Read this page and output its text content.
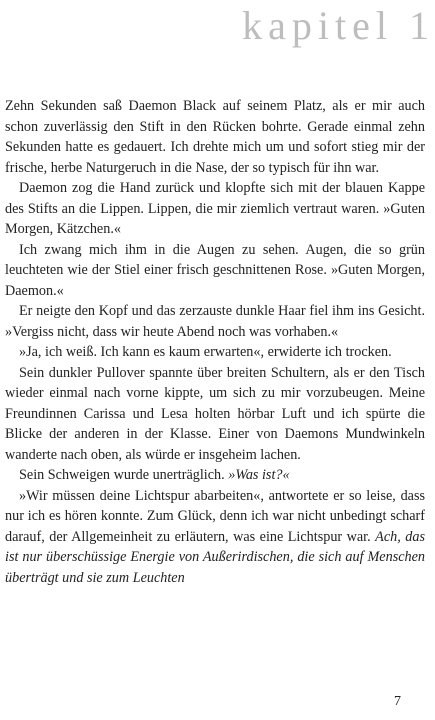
kapitel 1

Zehn Sekunden saß Daemon Black auf seinem Platz, als er mir auch schon zuverlässig den Stift in den Rücken bohrte. Gerade einmal zehn Sekunden hatte es gedauert. Ich drehte mich um und sofort stieg mir der frische, herbe Naturgeruch in die Nase, der so typisch für ihn war.

Daemon zog die Hand zurück und klopfte sich mit der blauen Kappe des Stifts an die Lippen. Lippen, die mir ziemlich vertraut waren. »Guten Morgen, Kätzchen.«

Ich zwang mich ihm in die Augen zu sehen. Augen, die so grün leuchteten wie der Stiel einer frisch geschnittenen Rose. »Guten Morgen, Daemon.«

Er neigte den Kopf und das zerzauste dunkle Haar fiel ihm ins Gesicht. »Vergiss nicht, dass wir heute Abend noch was vorhaben.«

»Ja, ich weiß. Ich kann es kaum erwarten«, erwiderte ich trocken.

Sein dunkler Pullover spannte über breiten Schultern, als er den Tisch wieder einmal nach vorne kippte, um sich zu mir vorzubeugen. Meine Freundinnen Carissa und Lesa holten hörbar Luft und ich spürte die Blicke der anderen in der Klasse. Einer von Daemons Mundwinkeln wanderte nach oben, als würde er insgeheim lachen.

Sein Schweigen wurde unerträglich. »Was ist?«

»Wir müssen deine Lichtspur abarbeiten«, antwortete er so leise, dass nur ich es hören konnte. Zum Glück, denn ich war nicht unbedingt scharf darauf, der Allgemeinheit zu erläutern, was eine Lichtspur war. Ach, das ist nur überschüssige Energie von Außerirdischen, die sich auf Menschen überträgt und sie zum Leuchten

7
